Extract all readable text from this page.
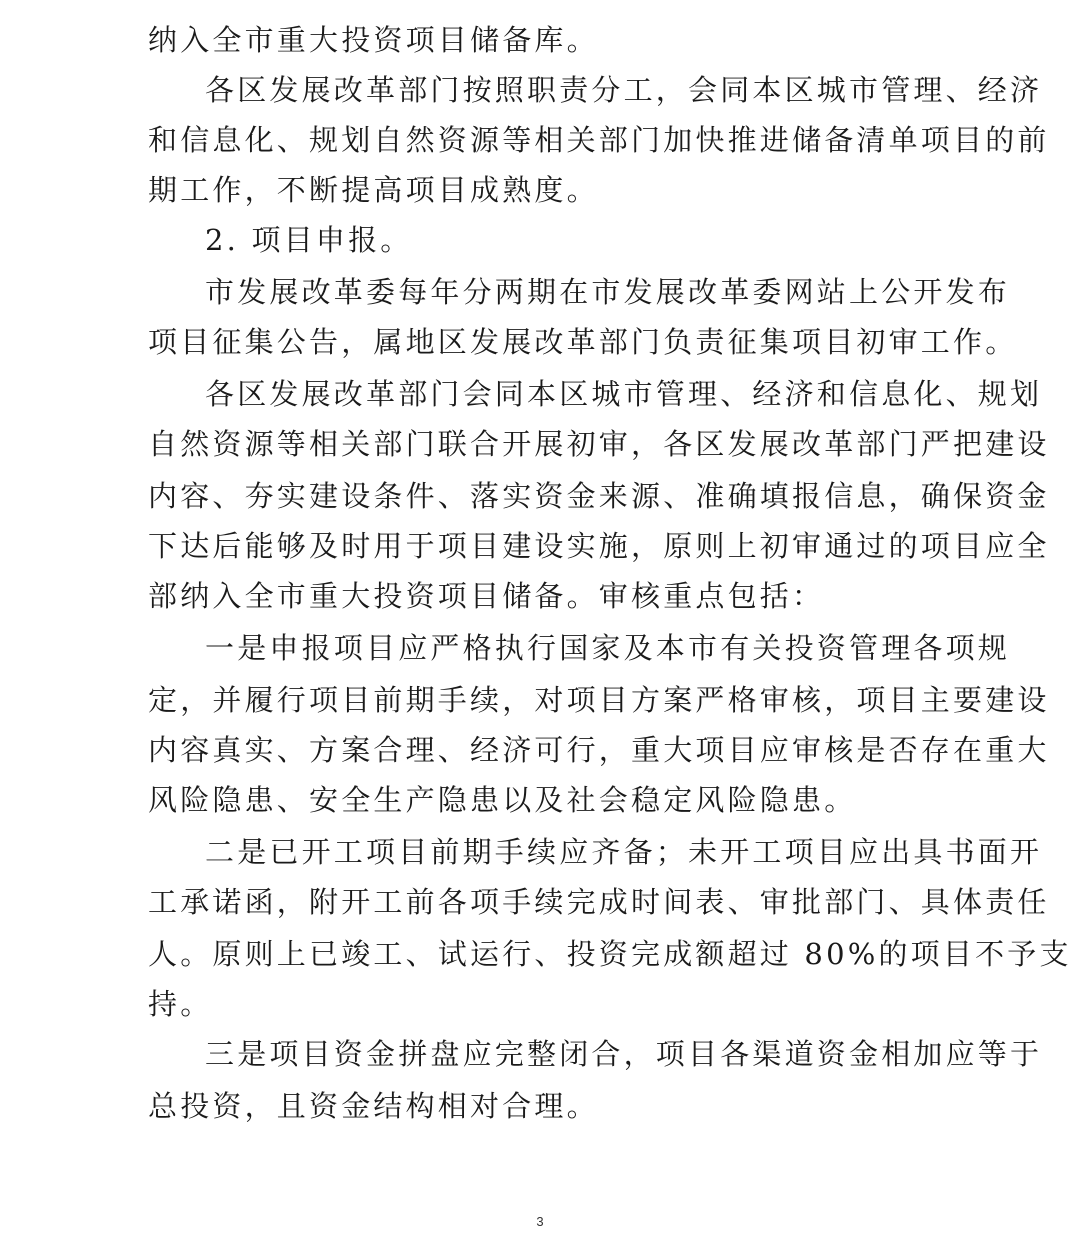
纳入全市重大投资项目储备库。
各区发展改革部门按照职责分工，会同本区城市管理、经济
和信息化、规划自然资源等相关部门加快推进储备清单项目的前
期工作，不断提高项目成熟度。
2. 项目申报。
市发展改革委每年分两期在市发展改革委网站上公开发布
项目征集公告，属地区发展改革部门负责征集项目初审工作。
各区发展改革部门会同本区城市管理、经济和信息化、规划
自然资源等相关部门联合开展初审，各区发展改革部门严把建设
内容、夯实建设条件、落实资金来源、准确填报信息，确保资金
下达后能够及时用于项目建设实施，原则上初审通过的项目应全
部纳入全市重大投资项目储备。审核重点包括：
一是申报项目应严格执行国家及本市有关投资管理各项规
定，并履行项目前期手续，对项目方案严格审核，项目主要建设
内容真实、方案合理、经济可行，重大项目应审核是否存在重大
风险隐患、安全生产隐患以及社会稳定风险隐患。
二是已开工项目前期手续应齐备；未开工项目应出具书面开
工承诺函，附开工前各项手续完成时间表、审批部门、具体责任
人。原则上已竣工、试运行、投资完成额超过 80%的项目不予支
持。
三是项目资金拼盘应完整闭合，项目各渠道资金相加应等于
总投资，且资金结构相对合理。
3
